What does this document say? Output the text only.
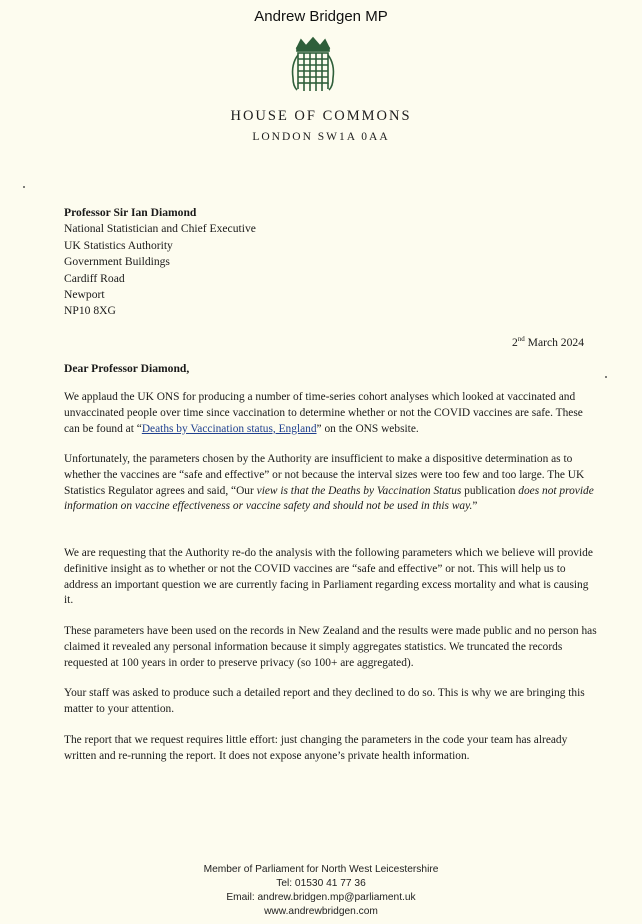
Andrew Bridgen MP
HOUSE OF COMMONS
LONDON SW1A 0AA
Professor Sir Ian Diamond
National Statistician and Chief Executive
UK Statistics Authority
Government Buildings
Cardiff Road
Newport
NP10 8XG
2nd March 2024
Dear Professor Diamond,
We applaud the UK ONS for producing a number of time-series cohort analyses which looked at vaccinated and unvaccinated people over time since vaccination to determine whether or not the COVID vaccines are safe. These can be found at “Deaths by Vaccination status, England” on the ONS website.
Unfortunately, the parameters chosen by the Authority are insufficient to make a dispositive determination as to whether the vaccines are “safe and effective” or not because the interval sizes were too few and too large. The UK Statistics Regulator agrees and said, “Our view is that the Deaths by Vaccination Status publication does not provide information on vaccine effectiveness or vaccine safety and should not be used in this way.”
We are requesting that the Authority re-do the analysis with the following parameters which we believe will provide definitive insight as to whether or not the COVID vaccines are “safe and effective” or not. This will help us to address an important question we are currently facing in Parliament regarding excess mortality and what is causing it.
These parameters have been used on the records in New Zealand and the results were made public and no person has claimed it revealed any personal information because it simply aggregates statistics. We truncated the records requested at 100 years in order to preserve privacy (so 100+ are aggregated).
Your staff was asked to produce such a detailed report and they declined to do so. This is why we are bringing this matter to your attention.
The report that we request requires little effort: just changing the parameters in the code your team has already written and re-running the report. It does not expose anyone’s private health information.
Member of Parliament for North West Leicestershire
Tel: 01530 41 77 36
Email: andrew.bridgen.mp@parliament.uk
www.andrewbridgen.com
